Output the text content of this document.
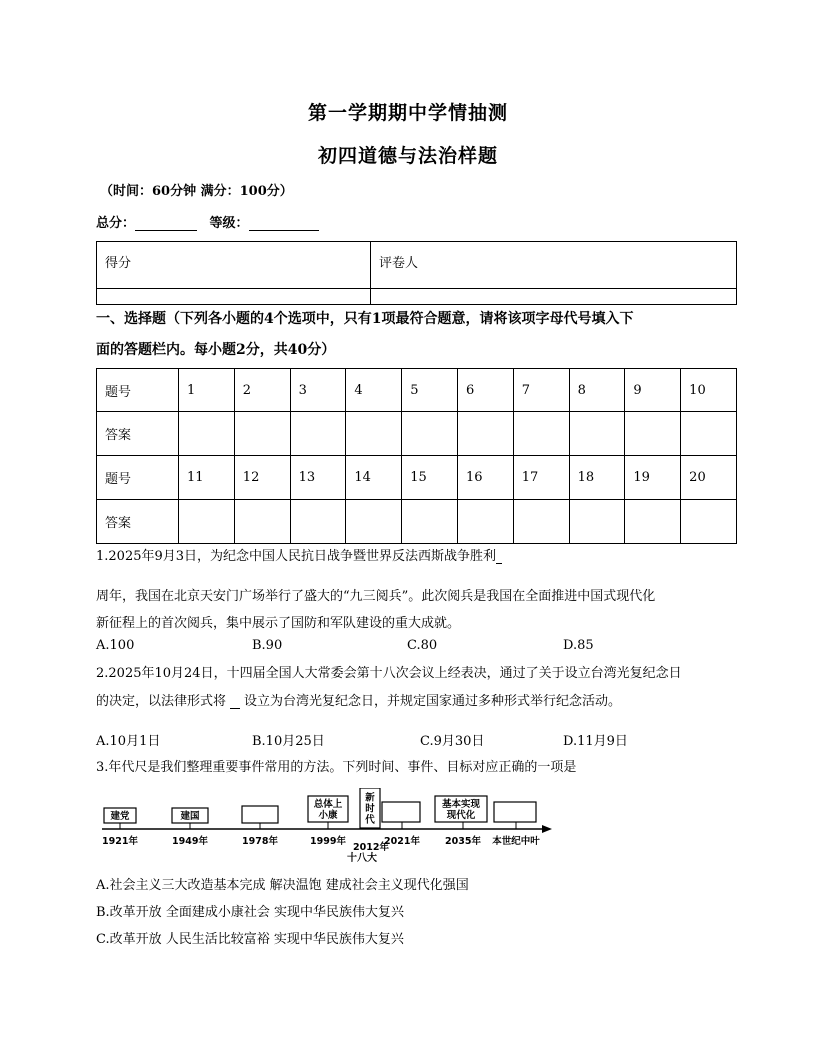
第一学期期中学情抽测
初四道德与法治样题
（时间：60分钟 满分：100分）
总分：	等级：
得分	评卷人

一、选择题（下列各小题的4个选项中，只有1项最符合题意，请将该项字母代号填入下
面的答题栏内。每小题2分，共40分）
题号	1	2	3	4	5	6	7	8	9	10
答案										
题号	11	12	13	14	15	16	17	18	19	20
答案										
1.2025年9月3日，为纪念中国人民抗日战争暨世界反法西斯战争胜利
周年，我国在北京天安门广场举行了盛大的“九三阅兵”。此次阅兵是我国在全面推进中国式现代化
新征程上的首次阅兵，集中展示了国防和军队建设的重大成就。
A.100	B.90	C.80	D.85
2.2025年10月24日，十四届全国人大常委会第十八次会议上经表决，通过了关于设立台湾光复纪念日
的决定，以法律形式将 设立为台湾光复纪念日，并规定国家通过多种形式举行纪念活动。
A.10月1日	B.10月25日	C.9月30日	D.11月9日
3.年代尺是我们整理重要事件常用的方法。下列时间、事件、目标对应正确的一项是
建党	建国
总体上
小康
新
时
代
基本实现
现代化
1921年	1949年	1978年	1999年
2012年
2021年	2035年 本世纪中叶
十八大
A.社会主义三大改造基本完成 解决温饱 建成社会主义现代化强国
B.改革开放 全面建成小康社会 实现中华民族伟大复兴
C.改革开放 人民生活比较富裕 实现中华民族伟大复兴
